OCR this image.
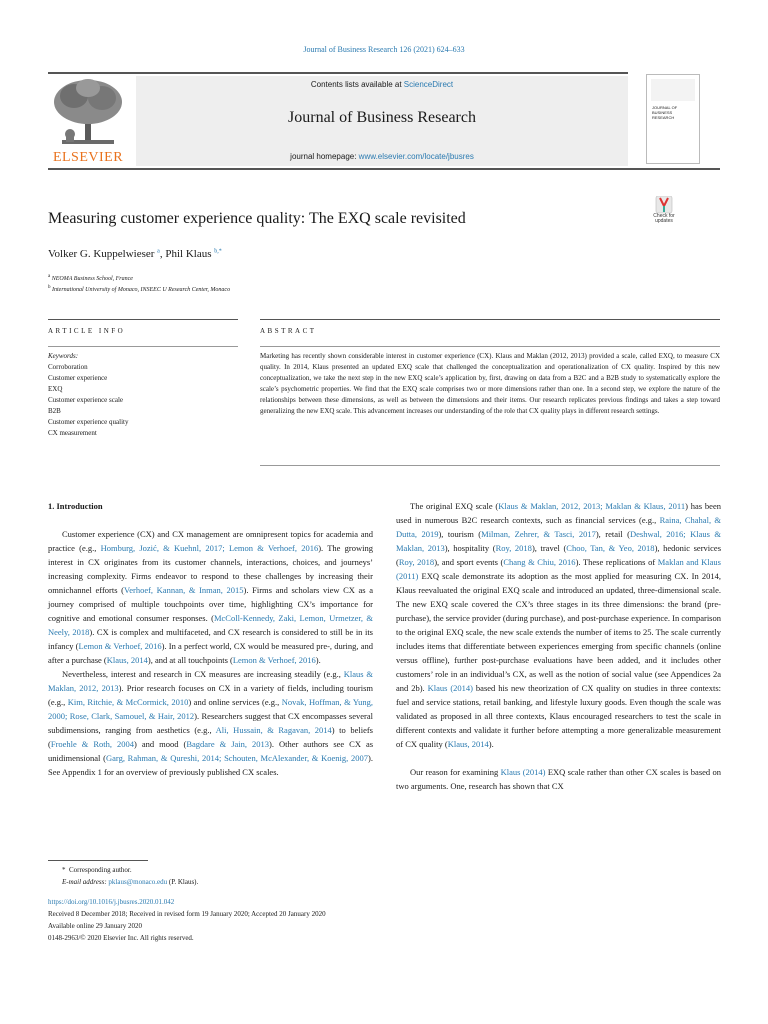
Journal of Business Research 126 (2021) 624–633
ELSEVIER
Contents lists available at ScienceDirect
Journal of Business Research
journal homepage: www.elsevier.com/locate/jbusres
JOURNAL OF
BUSINESS
RESEARCH
Measuring customer experience quality: The EXQ scale revisited	Check for updates
Volker G. Kuppelwieser $^a$, Phil Klaus $^{b,*}$
$^a$ NEOMA Business School, France
$^b$ International University of Monaco, INSEEC U Research Center, Monaco
ARTICLE INFO	ABSTRACT
Keywords:
Corroboration
Customer experience
EXQ
Customer experience scale
B2B
Customer experience quality
CX measurement
Marketing has recently shown considerable interest in customer experience (CX). Klaus and Maklan (2012, 2013) provided a scale, called EXQ, to measure CX quality. In 2014, Klaus presented an updated EXQ scale that challenged the conceptualization and operationalization of CX quality. Inspired by this new conceptualization, we take the next step in the new EXQ scale’s application by, first, drawing on data from a B2C and a B2B study to systematically explore the scale’s psychometric properties. We find that the EXQ scale comprises two or more dimensions rather than one. In a second step, we explore the nature of the relationships between these dimensions, as well as between the dimensions and their items. Our research replicates previous findings and takes a step toward generalizing the new EXQ scale. This advancement increases our understanding of the role that CX quality plays in different research settings.

1. Introduction

Customer experience (CX) and CX management are omnipresent topics for academia and practice (e.g., Homburg, Jozić, & Kuehnl, 2017; Lemon & Verhoef, 2016). The growing interest in CX originates from its customer channels, interactions, choices, and journeys’ increasing complexity. Firms endeavor to respond to these challenges by increasing their omnichannel efforts (Verhoef, Kannan, & Inman, 2015). Firms and scholars view CX as a journey comprised of multiple touchpoints over time, highlighting CX’s importance for cognitive and emotional consumer responses. (McColl-Kennedy, Zaki, Lemon, Urmetzer, & Neely, 2018). CX is complex and multifaceted, and CX research is considered to still be in its infancy (Lemon & Verhoef, 2016). In a perfect world, CX would be measured pre-, during, and after a purchase (Klaus, 2014), and at all touchpoints (Lemon & Verhoef, 2016).

Nevertheless, interest and research in CX measures are increasing steadily (e.g., Klaus & Maklan, 2012, 2013). Prior research focuses on CX in a variety of fields, including tourism (e.g., Kim, Ritchie, & McCormick, 2010) and online services (e.g., Novak, Hoffman, & Yung, 2000; Rose, Clark, Samouel, & Hair, 2012). Researchers suggest that CX encompasses several subdimensions, ranging from aesthetics (e.g., Ali, Hussain, & Ragavan, 2014) to beliefs (Froehle & Roth, 2004) and mood (Bagdare & Jain, 2013). Other authors see CX as unidimensional (Garg, Rahman, & Qureshi, 2014; Schouten, McAlexander, & Koenig, 2007). See Appendix 1 for an overview of previously published CX scales.

The original EXQ scale (Klaus & Maklan, 2012, 2013; Maklan & Klaus, 2011) has been used in numerous B2C research contexts, such as financial services (e.g., Raina, Chahal, & Dutta, 2019), tourism (Milman, Zehrer, & Tasci, 2017), retail (Deshwal, 2016; Klaus & Maklan, 2013), hospitality (Roy, 2018), travel (Choo, Tan, & Yeo, 2018), hedonic services (Roy, 2018), and sport events (Chang & Chiu, 2016). These replications of Maklan and Klaus (2011) EXQ scale demonstrate its adoption as the most applied for measuring CX. In 2014, Klaus reevaluated the original EXQ scale and introduced an updated, three-dimensional scale. The new EXQ scale covered the CX’s three stages in its three dimensions: the brand (pre-purchase), the service provider (during purchase), and post-purchase experience. In comparison to the original EXQ scale, the new scale extends the number of items to 25. The scale currently includes items that differentiate between experiences emerging from specific channels (online versus offline), further post-purchase evaluations have been added, and it includes other customers’ role in an individual’s CX, as well as the notion of social value (see Appendices 2a and 2b). Klaus (2014) based his new theorization of CX quality on studies in three contexts: fuel and service stations, retail banking, and lifestyle luxury goods. Even though the scale was validated as proposed in all three contexts, Klaus encouraged researchers to test the scale in different contexts and validate it further before attempting a more generalizable measurement of CX quality (Klaus, 2014).

Our reason for examining Klaus (2014) EXQ scale rather than other CX scales is based on two arguments. One, research has shown that CX

*  Corresponding author.
E-mail address: pklaus@monaco.edu (P. Klaus).
https://doi.org/10.1016/j.jbusres.2020.01.042
Received 8 December 2018; Received in revised form 19 January 2020; Accepted 20 January 2020
Available online 29 January 2020
0148-2963/© 2020 Elsevier Inc. All rights reserved.
